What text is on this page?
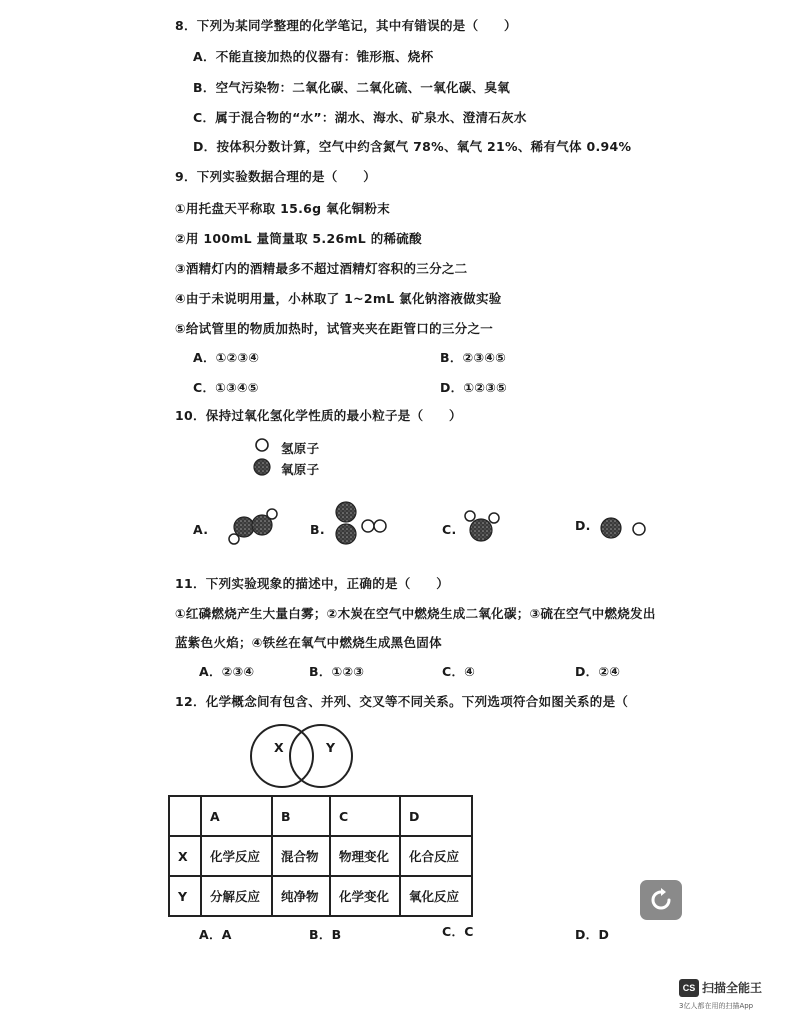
8．下列为某同学整理的化学笔记，其中有错误的是（　　）
A．不能直接加热的仪器有：锥形瓶、烧杯
B．空气污染物：二氧化碳、二氧化硫、一氧化碳、臭氧
C．属于混合物的“水”：湖水、海水、矿泉水、澄清石灰水
D．按体积分数计算，空气中约含氮气 78%、氧气 21%、稀有气体 0.94%
9．下列实验数据合理的是（　　）
①用托盘天平称取 15.6g 氧化铜粉末
②用 100mL 量筒量取 5.26mL 的稀硫酸
③酒精灯内的酒精最多不超过酒精灯容积的三分之二
④由于未说明用量，小林取了 1~2mL 氯化钠溶液做实验
⑤给试管里的物质加热时，试管夹夹在距管口的三分之一
A．①②③④	B．②③④⑤
C．①③④⑤	D．①②③⑤
10．保持过氧化氢化学性质的最小粒子是（　　）
氢原子
氧原子
A.	B.	C.	D.
11．下列实验现象的描述中，正确的是（　　）
①红磷燃烧产生大量白雾；②木炭在空气中燃烧生成二氧化碳；③硫在空气中燃烧发出
蓝紫色火焰；④铁丝在氧气中燃烧生成黑色固体
A．②③④	B．①②③	C．④	D．②④
12．化学概念间有包含、并列、交叉等不同关系。下列选项符合如图关系的是（
X	Y
	A	B	C	D
X	化学反应	混合物	物理变化	化合反应
Y	分解反应	纯净物	化学变化	氧化反应
A．A	B．B	C．C	D．D
CS 扫描全能王
3亿人都在用的扫描App
